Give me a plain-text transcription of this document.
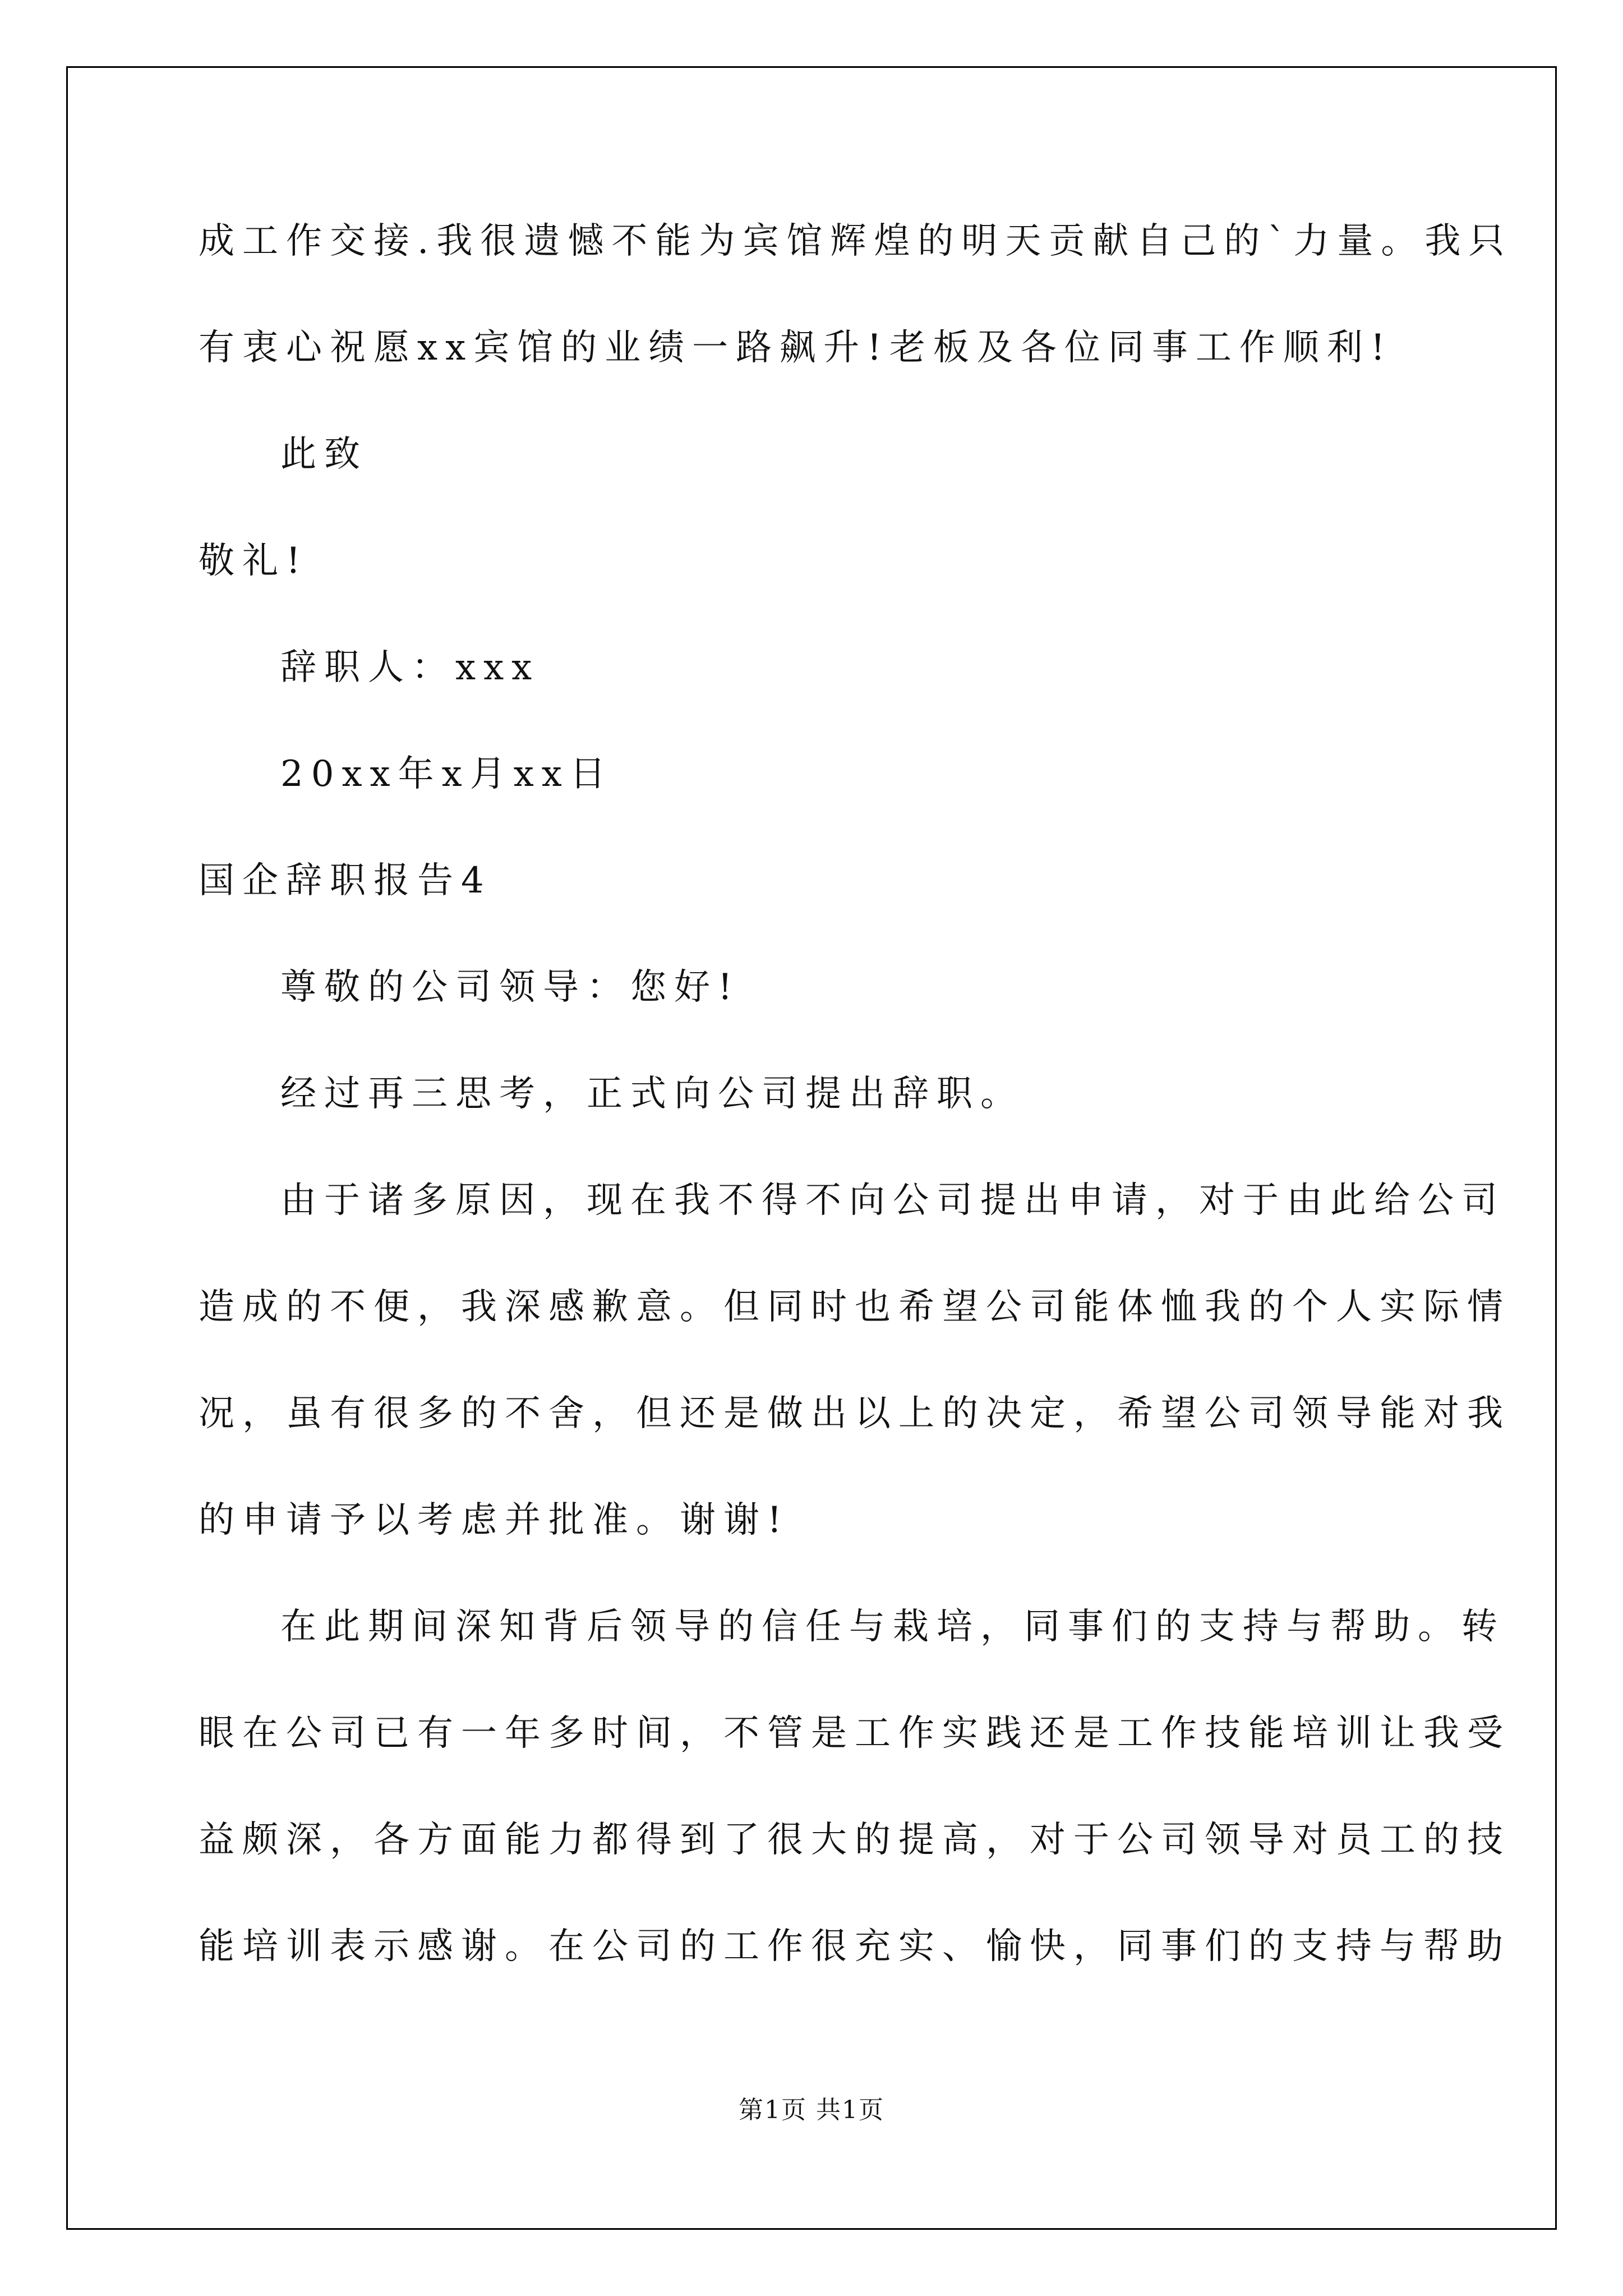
成工作交接.我很遗憾不能为宾馆辉煌的明天贡献自己的`力量。我只
有衷心祝愿xx宾馆的业绩一路飙升!老板及各位同事工作顺利!
此致
敬礼!
辞职人：xxx
20xx年x月xx日
国企辞职报告4
尊敬的公司领导：您好!
经过再三思考，正式向公司提出辞职。
由于诸多原因，现在我不得不向公司提出申请，对于由此给公司
造成的不便，我深感歉意。但同时也希望公司能体恤我的个人实际情
况，虽有很多的不舍，但还是做出以上的决定，希望公司领导能对我
的申请予以考虑并批准。谢谢!
在此期间深知背后领导的信任与栽培，同事们的支持与帮助。转
眼在公司已有一年多时间，不管是工作实践还是工作技能培训让我受
益颇深，各方面能力都得到了很大的提高，对于公司领导对员工的技
能培训表示感谢。在公司的工作很充实、愉快，同事们的支持与帮助
第1页 共1页
